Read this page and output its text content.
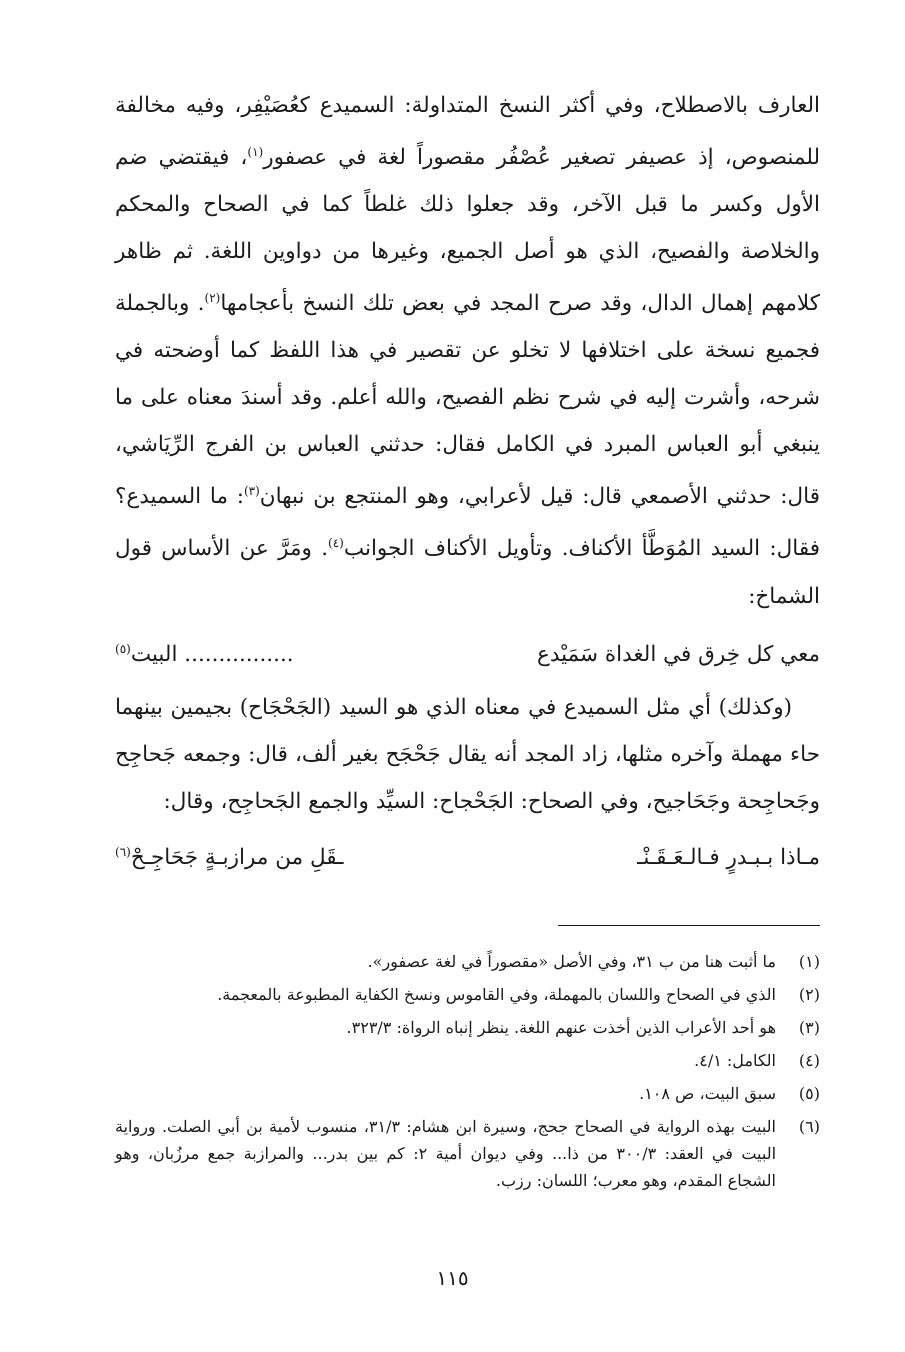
العارف بالاصطلاح، وفي أكثر النسخ المتداولة: السميدع كعُصَيْفِر، وفيه مخالفة للمنصوص، إذ عصيفر تصغير عُصْفُر مقصوراً لغة في عصفور$^{(١)}$، فيقتضي ضم الأول وكسر ما قبل الآخر، وقد جعلوا ذلك غلطاً كما في الصحاح والمحكم والخلاصة والفصيح، الذي هو أصل الجميع، وغيرها من دواوين اللغة. ثم ظاهر كلامهم إهمال الدال، وقد صرح المجد في بعض تلك النسخ بأعجامها$^{(٢)}$. وبالجملة فجميع نسخة على اختلافها لا تخلو عن تقصير في هذا اللفظ كما أوضحته في شرحه، وأشرت إليه في شرح نظم الفصيح، والله أعلم. وقد أسندَ معناه على ما ينبغي أبو العباس المبرد في الكامل فقال: حدثني العباس بن الفرج الرِّيَاشي، قال: حدثني الأصمعي قال: قيل لأعرابي، وهو المنتجع بن نبهان$^{(٣)}$: ما السميدع؟ فقال: السيد المُوَطَّأ الأكناف. وتأويل الأكناف الجوانب$^{(٤)}$. ومَرَّ عن الأساس قول الشماخ:

معي كل خِرق في الغداة سَمَيْدع
................ البيت$^{(٥)}$

(وكذلك) أي مثل السميدع في معناه الذي هو السيد (الجَحْجَاح) بجيمين بينهما حاء مهملة وآخره مثلها، زاد المجد أنه يقال جَحْجَح بغير ألف، قال: وجمعه جَحاجِح وجَحاجِحة وجَحَاجيح، وفي الصحاح: الجَحْجاح: السيِّد والجمع الجَحاجِح، وقال:

مـاذا بـبـدرٍ فـالـعَـقَـنْـ
ـقَلِ من مرازبـةٍ جَحَاجِـحْ$^{(٦)}$
(١)
ما أثبت هنا من ب ٣١، وفي الأصل «مقصوراً في لغة عصفور».
(٢)
الذي في الصحاح واللسان بالمهملة، وفي القاموس ونسخ الكفاية المطبوعة بالمعجمة.
(٣)
هو أحد الأعراب الذين أخذت عنهم اللغة. ينظر إنباه الرواة: ٣٢٣/٣.
(٤)
الكامل: ٤/١.
(٥)
سبق البيت، ص ١٠٨.
(٦)
البيت بهذه الرواية في الصحاح جحج، وسيرة ابن هشام: ٣١/٣، منسوب لأمية بن أبي الصلت. ورواية البيت في العقد: ٣٠٠/٣ من ذا... وفي ديوان أمية ٢: كم بين بدر... والمرازبة جمع مرزُبان، وهو الشجاع المقدم، وهو معرب؛ اللسان: رزب.
١١٥
